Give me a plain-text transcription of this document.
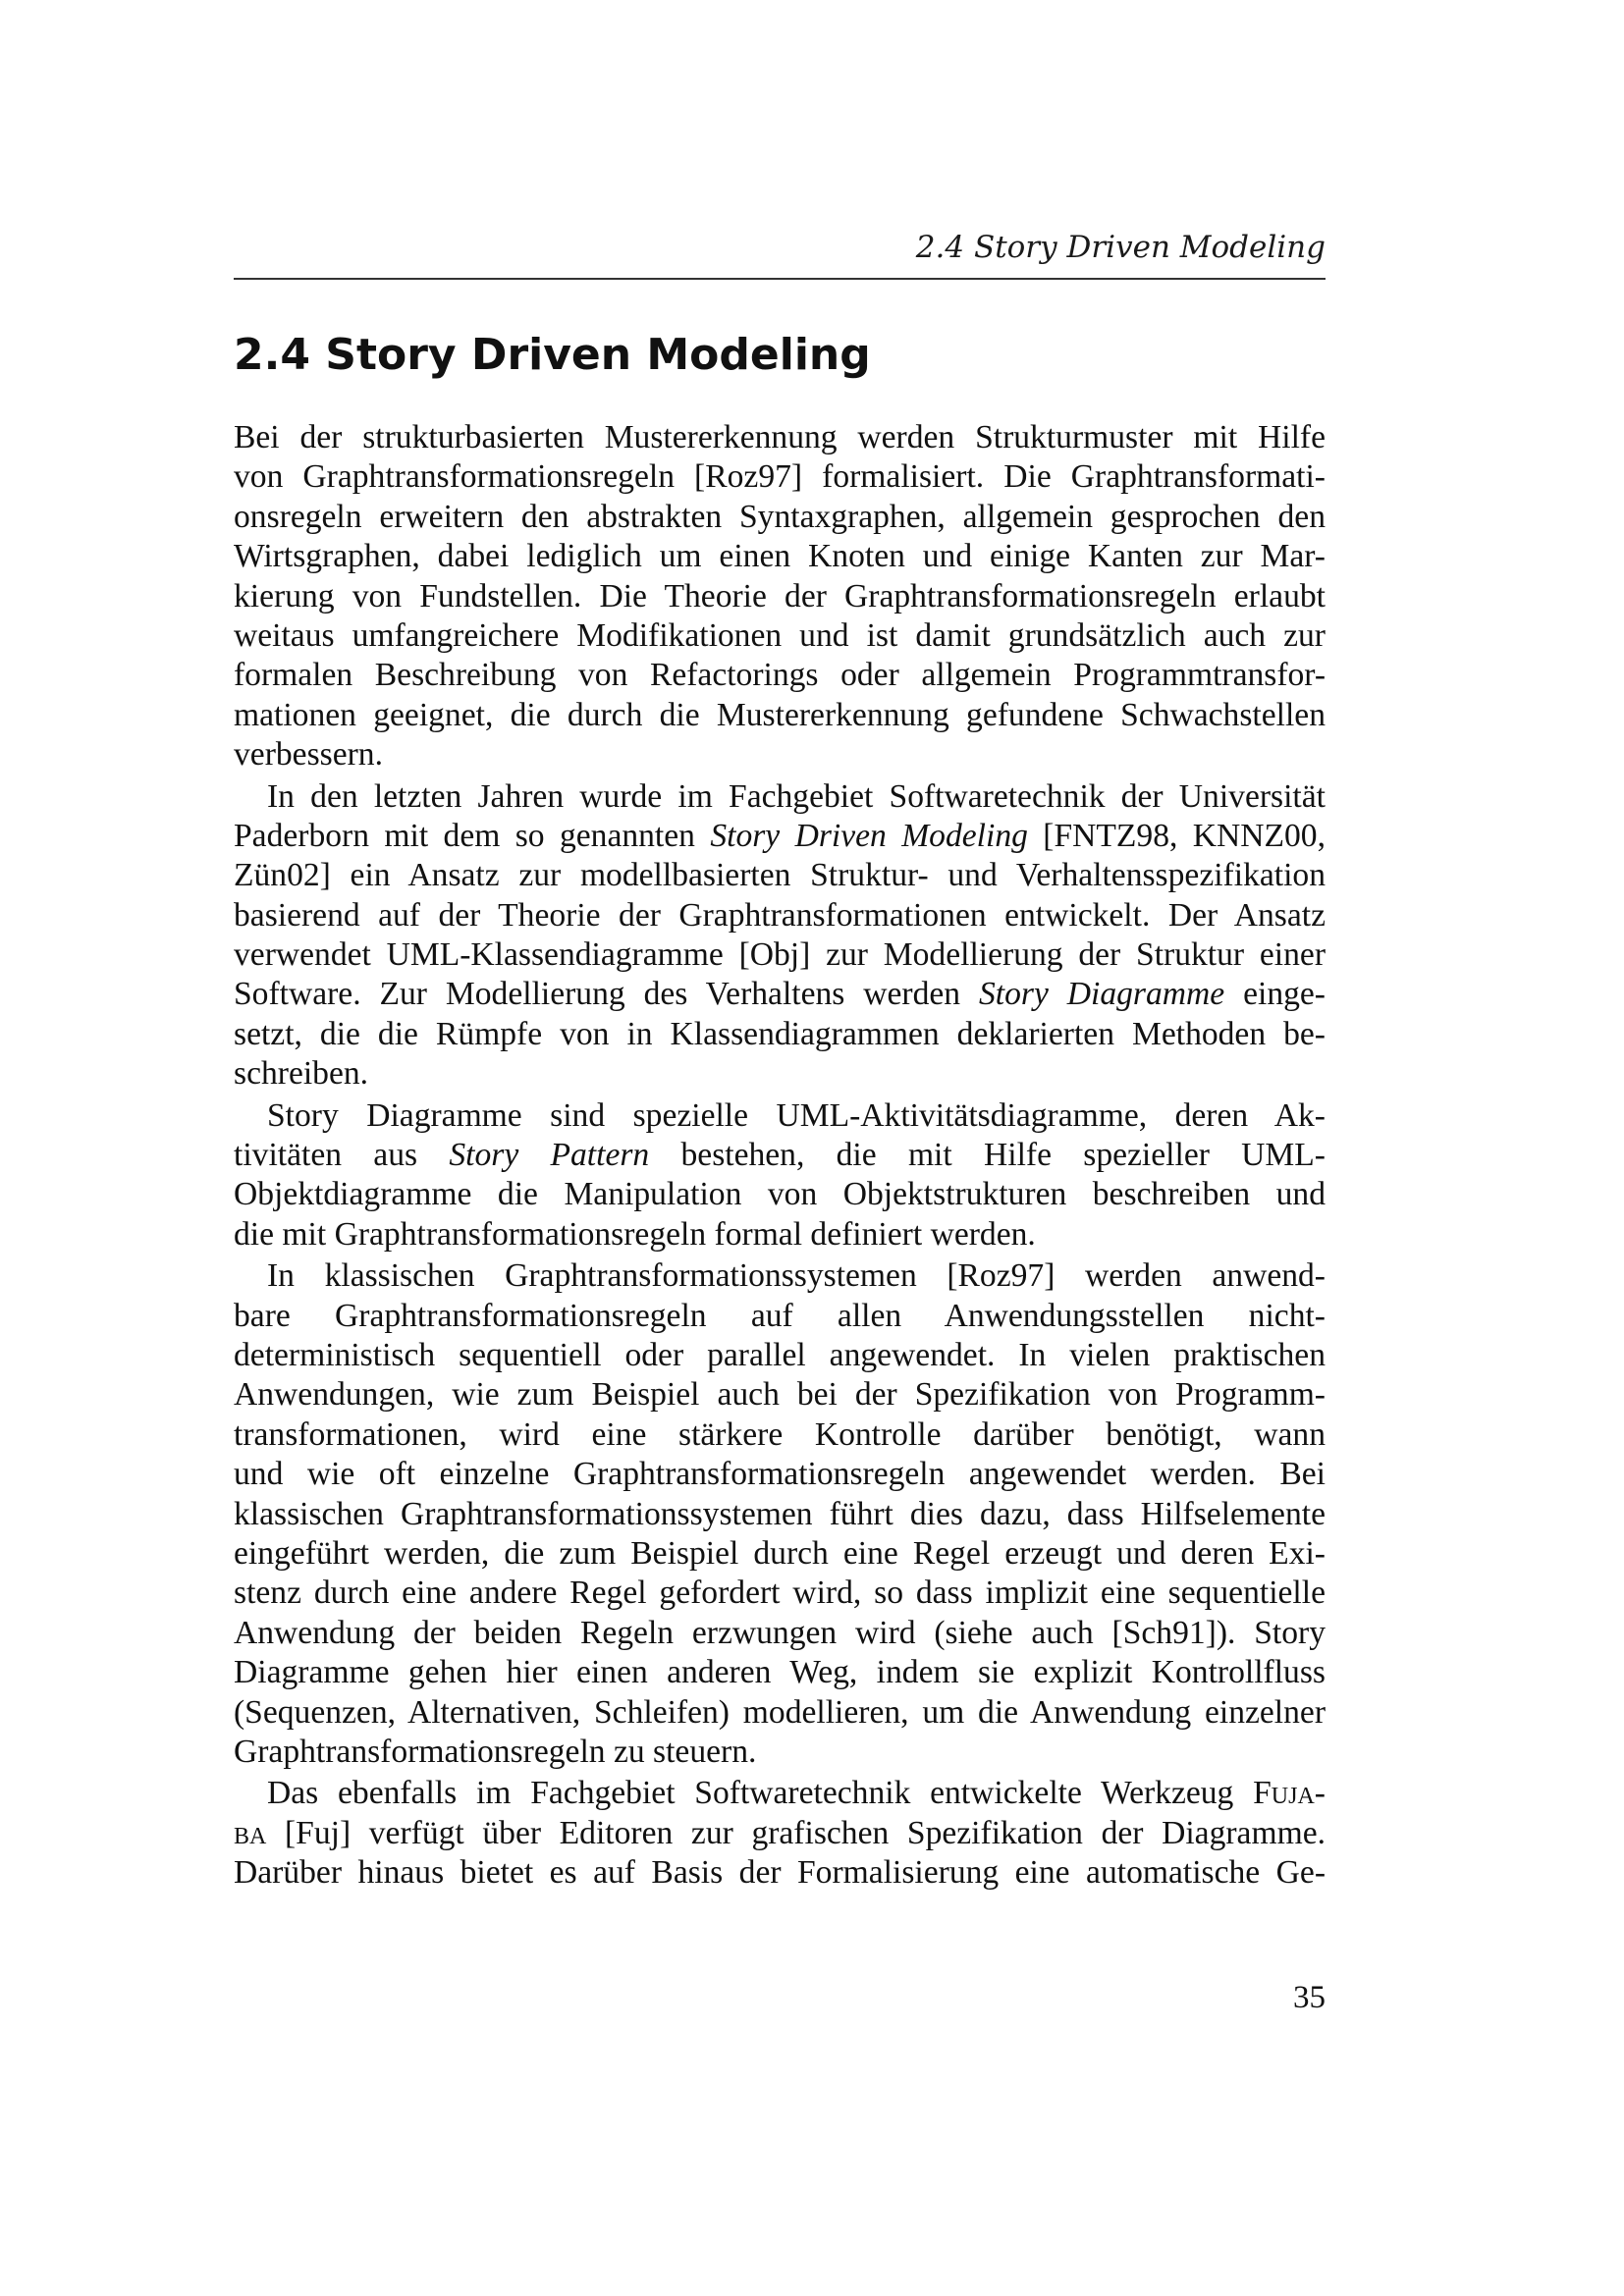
2.4 Story Driven Modeling
2.4 Story Driven Modeling
Bei der strukturbasierten Mustererkennung werden Strukturmuster mit Hilfe
von Graphtransformationsregeln [Roz97] formalisiert. Die Graphtransformati-
onsregeln erweitern den abstrakten Syntaxgraphen, allgemein gesprochen den
Wirtsgraphen, dabei lediglich um einen Knoten und einige Kanten zur Mar-
kierung von Fundstellen. Die Theorie der Graphtransformationsregeln erlaubt
weitaus umfangreichere Modifikationen und ist damit grundsätzlich auch zur
formalen Beschreibung von Refactorings oder allgemein Programmtransfor-
mationen geeignet, die durch die Mustererkennung gefundene Schwachstellen
verbessern.
In den letzten Jahren wurde im Fachgebiet Softwaretechnik der Universität
Paderborn mit dem so genannten Story Driven Modeling [FNTZ98, KNNZ00,
Zün02] ein Ansatz zur modellbasierten Struktur- und Verhaltensspezifikation
basierend auf der Theorie der Graphtransformationen entwickelt. Der Ansatz
verwendet UML-Klassendiagramme [Obj] zur Modellierung der Struktur einer
Software. Zur Modellierung des Verhaltens werden Story Diagramme einge-
setzt, die die Rümpfe von in Klassendiagrammen deklarierten Methoden be-
schreiben.
Story Diagramme sind spezielle UML-Aktivitätsdiagramme, deren Ak-
tivitäten aus Story Pattern bestehen, die mit Hilfe spezieller UML-
Objektdiagramme die Manipulation von Objektstrukturen beschreiben und
die mit Graphtransformationsregeln formal definiert werden.
In klassischen Graphtransformationssystemen [Roz97] werden anwend-
bare Graphtransformationsregeln auf allen Anwendungsstellen nicht-
deterministisch sequentiell oder parallel angewendet. In vielen praktischen
Anwendungen, wie zum Beispiel auch bei der Spezifikation von Programm-
transformationen, wird eine stärkere Kontrolle darüber benötigt, wann
und wie oft einzelne Graphtransformationsregeln angewendet werden. Bei
klassischen Graphtransformationssystemen führt dies dazu, dass Hilfselemente
eingeführt werden, die zum Beispiel durch eine Regel erzeugt und deren Exi-
stenz durch eine andere Regel gefordert wird, so dass implizit eine sequentielle
Anwendung der beiden Regeln erzwungen wird (siehe auch [Sch91]). Story
Diagramme gehen hier einen anderen Weg, indem sie explizit Kontrollfluss
(Sequenzen, Alternativen, Schleifen) modellieren, um die Anwendung einzelner
Graphtransformationsregeln zu steuern.
Das ebenfalls im Fachgebiet Softwaretechnik entwickelte Werkzeug Fuja-
ba [Fuj] verfügt über Editoren zur grafischen Spezifikation der Diagramme.
Darüber hinaus bietet es auf Basis der Formalisierung eine automatische Ge-
35
